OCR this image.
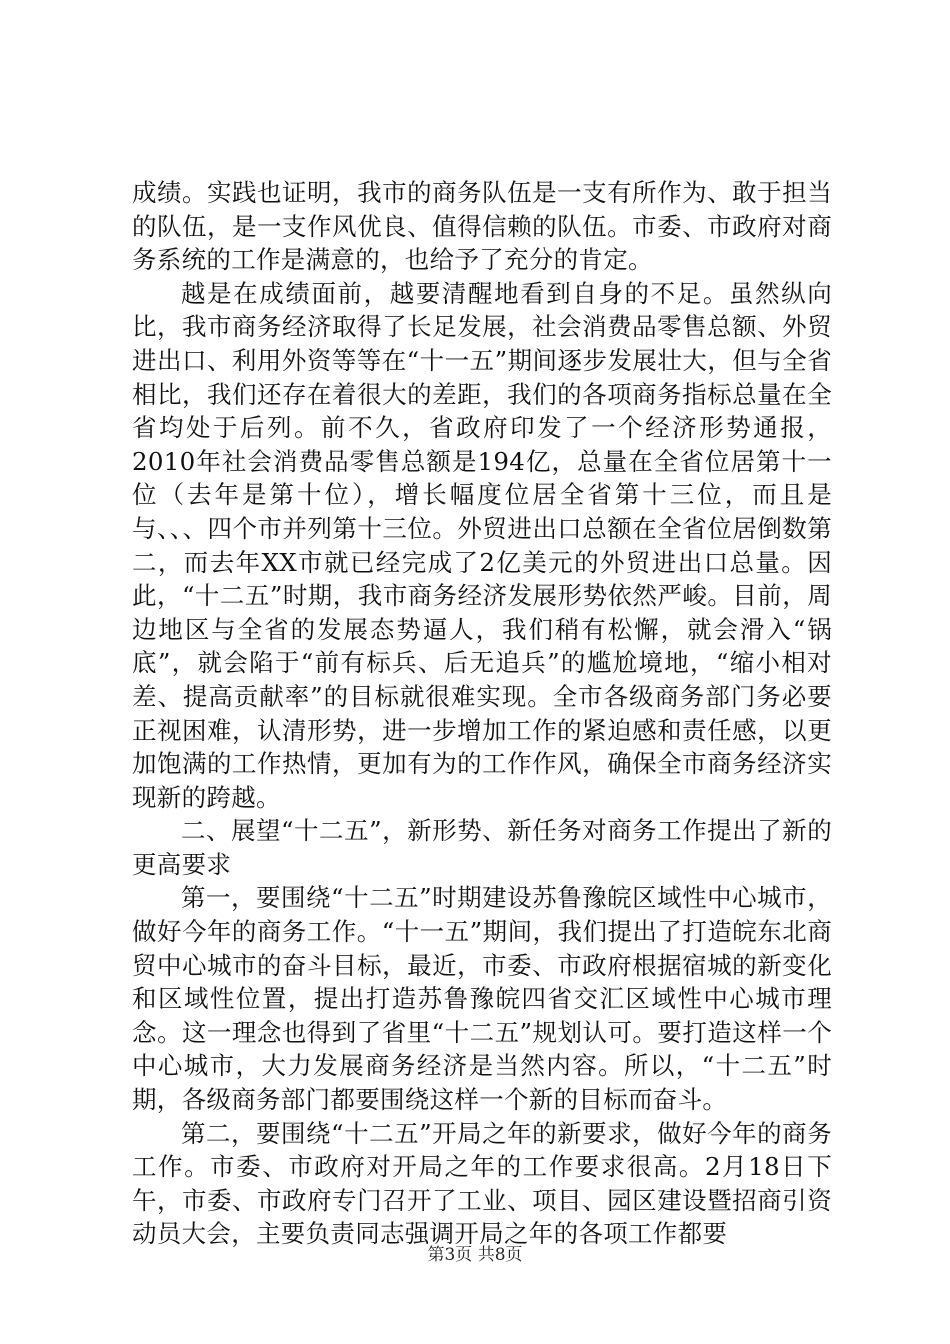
成绩。实践也证明，我市的商务队伍是一支有所作为、敢于担当的队伍，是一支作风优良、值得信赖的队伍。市委、市政府对商务系统的工作是满意的，也给予了充分的肯定。

越是在成绩面前，越要清醒地看到自身的不足。虽然纵向比，我市商务经济取得了长足发展，社会消费品零售总额、外贸进出口、利用外资等等在“十一五”期间逐步发展壮大，但与全省相比，我们还存在着很大的差距，我们的各项商务指标总量在全省均处于后列。前不久，省政府印发了一个经济形势通报，2010年社会消费品零售总额是194亿，总量在全省位居第十一位（去年是第十位），增长幅度位居全省第十三位，而且是与、、、四个市并列第十三位。外贸进出口总额在全省位居倒数第二，而去年XX市就已经完成了2亿美元的外贸进出口总量。因此，“十二五”时期，我市商务经济发展形势依然严峻。目前，周边地区与全省的发展态势逼人，我们稍有松懈，就会滑入“锅底”，就会陷于“前有标兵、后无追兵”的尴尬境地，“缩小相对差、提高贡献率”的目标就很难实现。全市各级商务部门务必要正视困难，认清形势，进一步增加工作的紧迫感和责任感，以更加饱满的工作热情，更加有为的工作作风，确保全市商务经济实现新的跨越。

二、展望“十二五”，新形势、新任务对商务工作提出了新的更高要求

第一，要围绕“十二五”时期建设苏鲁豫皖区域性中心城市，做好今年的商务工作。“十一五”期间，我们提出了打造皖东北商贸中心城市的奋斗目标，最近，市委、市政府根据宿城的新变化和区域性位置，提出打造苏鲁豫皖四省交汇区域性中心城市理念。这一理念也得到了省里“十二五”规划认可。要打造这样一个中心城市，大力发展商务经济是当然内容。所以，“十二五”时期，各级商务部门都要围绕这样一个新的目标而奋斗。

第二，要围绕“十二五”开局之年的新要求，做好今年的商务工作。市委、市政府对开局之年的工作要求很高。2月18日下午，市委、市政府专门召开了工业、项目、园区建设暨招商引资动员大会，主要负责同志强调开局之年的各项工作都要

第3页 共8页
